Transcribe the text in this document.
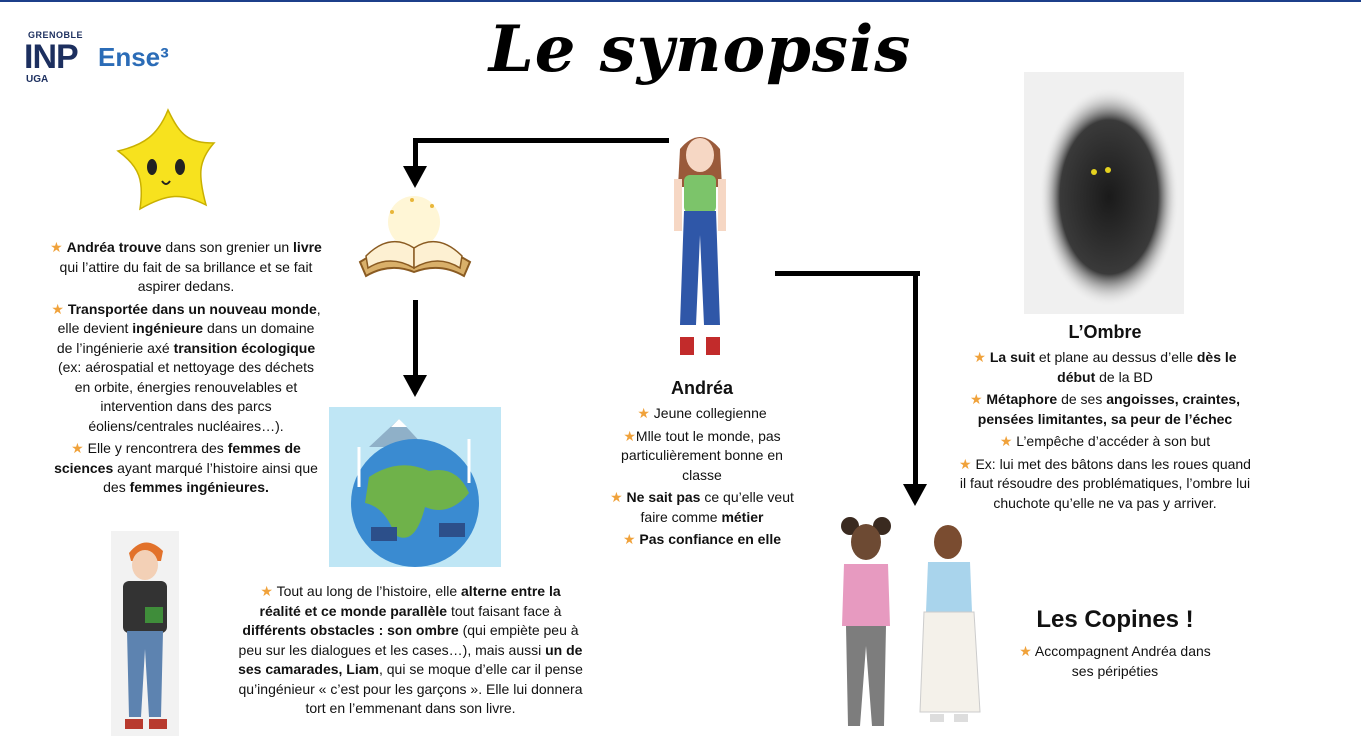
GRENOBLE
INP Ense³
UGA	Le synopsis

★ Andréa trouve dans son grenier un livre qui l’attire du fait de sa brillance et se fait aspirer dedans.

★ Transportée dans un nouveau monde, elle devient ingénieure dans un domaine de l’ingénierie axé transition écologique (ex: aérospatial et nettoyage des déchets en orbite, énergies renouvelables et intervention dans des parcs éoliens/centrales nucléaires…).

★ Elle y rencontrera des femmes de sciences ayant marqué l’histoire ainsi que des femmes ingénieures.

Andréa

★ Jeune collegienne

★Mlle tout le monde, pas particulièrement bonne en classe

★ Ne sait pas ce qu’elle veut faire comme métier

★ Pas confiance en elle

★ Tout au long de l’histoire, elle alterne entre la réalité et ce monde parallèle tout faisant face à différents obstacles : son ombre (qui empiète peu à peu sur les dialogues et les cases…), mais aussi un de ses camarades, Liam, qui se moque d’elle car il pense qu’ingénieur « c’est pour les garçons ». Elle lui donnera tort en l’emmenant dans son livre.

L’Ombre

★ La suit et plane au dessus d’elle dès le début de la BD

★ Métaphore de ses angoisses, craintes, pensées limitantes, sa peur de l’échec

★ L’empêche d’accéder à son but

★ Ex: lui met des bâtons dans les roues quand il faut résoudre des problématiques, l’ombre lui chuchote qu’elle ne va pas y arriver.

Les Copines !

★ Accompagnent Andréa dans ses péripéties
